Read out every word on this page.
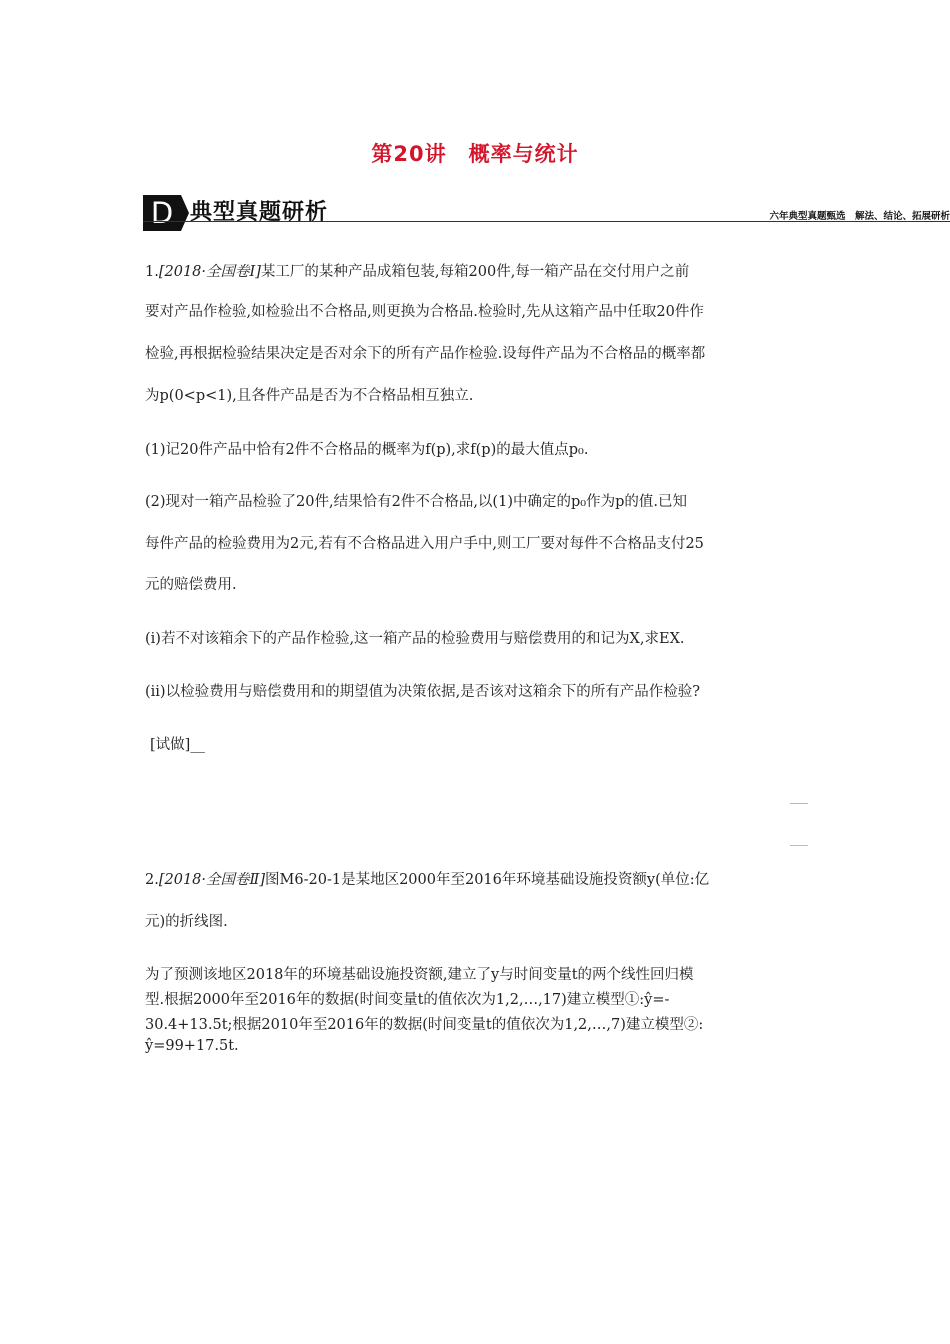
第20讲　概率与统计
D 典型真题研析	六年典型真题甄选　解法、结论、拓展研析
1.[2018·全国卷Ⅰ]某工厂的某种产品成箱包装,每箱200件,每一箱产品在交付用户之前
要对产品作检验,如检验出不合格品,则更换为合格品.检验时,先从这箱产品中任取20件作
检验,再根据检验结果决定是否对余下的所有产品作检验.设每件产品为不合格品的概率都
为p(0<p<1),且各件产品是否为不合格品相互独立.
(1)记20件产品中恰有2件不合格品的概率为f(p),求f(p)的最大值点p₀.
(2)现对一箱产品检验了20件,结果恰有2件不合格品,以(1)中确定的p₀作为p的值.已知
每件产品的检验费用为2元,若有不合格品进入用户手中,则工厂要对每件不合格品支付25
元的赔偿费用.
(i)若不对该箱余下的产品作检验,这一箱产品的检验费用与赔偿费用的和记为X,求EX.
(ii)以检验费用与赔偿费用和的期望值为决策依据,是否该对这箱余下的所有产品作检验?
[试做]__
2.[2018·全国卷Ⅱ]图M6-20-1是某地区2000年至2016年环境基础设施投资额y(单位:亿
元)的折线图.
为了预测该地区2018年的环境基础设施投资额,建立了y与时间变量t的两个线性回归模
型.根据2000年至2016年的数据(时间变量t的值依次为1,2,…,17)建立模型①:ŷ=-
30.4+13.5t;根据2010年至2016年的数据(时间变量t的值依次为1,2,…,7)建立模型②:
ŷ=99+17.5t.
